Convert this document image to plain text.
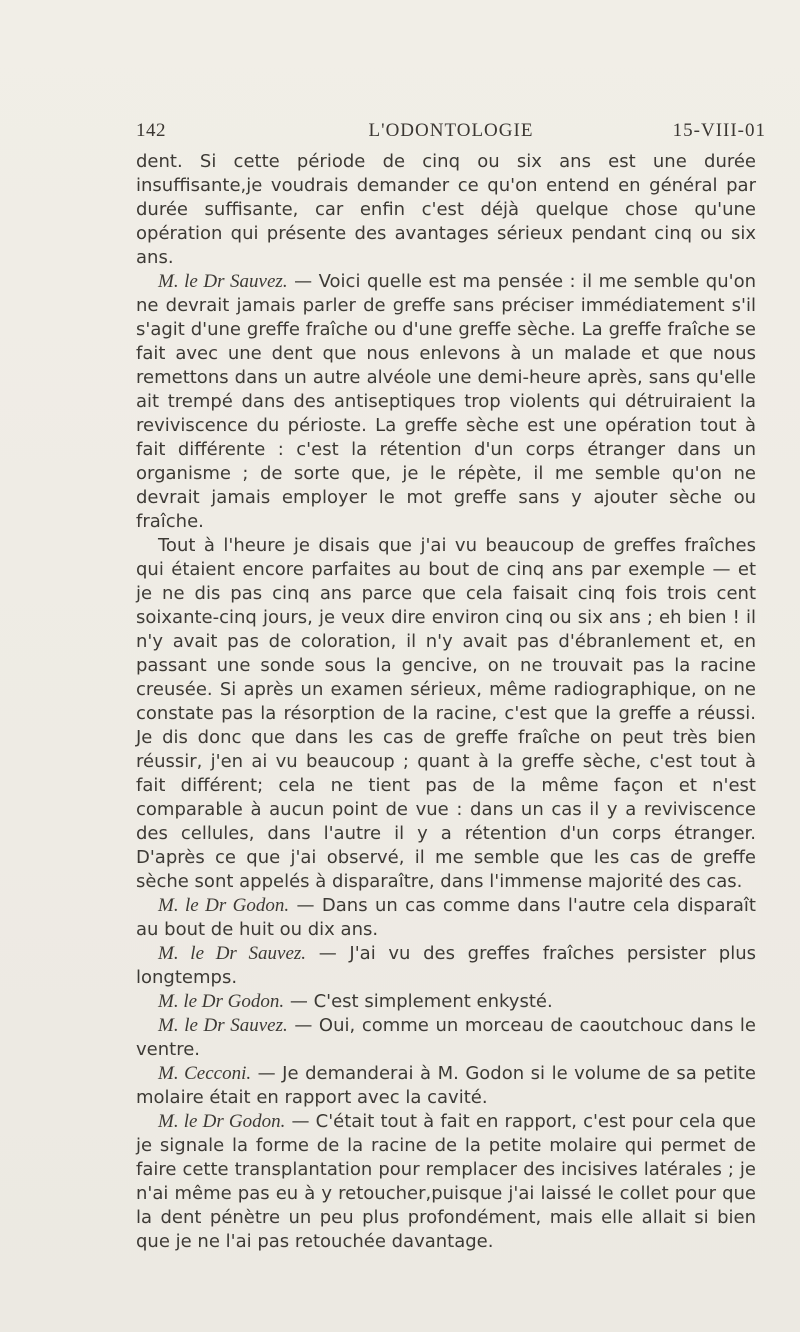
142	L'ODONTOLOGIE	15-VIII-01

dent. Si cette période de cinq ou six ans est une durée insuffisante,je voudrais demander ce qu'on entend en général par durée suffisante, car enfin c'est déjà quelque chose qu'une opération qui présente des avantages sérieux pendant cinq ou six ans.

M. le Dr Sauvez. — Voici quelle est ma pensée : il me semble qu'on ne devrait jamais parler de greffe sans préciser immédiatement s'il s'agit d'une greffe fraîche ou d'une greffe sèche. La greffe fraîche se fait avec une dent que nous enlevons à un malade et que nous remettons dans un autre alvéole une demi-heure après, sans qu'elle ait trempé dans des antiseptiques trop violents qui détruiraient la reviviscence du périoste. La greffe sèche est une opération tout à fait différente : c'est la rétention d'un corps étranger dans un organisme ; de sorte que, je le répète, il me semble qu'on ne devrait jamais employer le mot greffe sans y ajouter sèche ou fraîche.

Tout à l'heure je disais que j'ai vu beaucoup de greffes fraîches qui étaient encore parfaites au bout de cinq ans par exemple — et je ne dis pas cinq ans parce que cela faisait cinq fois trois cent soixante-cinq jours, je veux dire environ cinq ou six ans ; eh bien ! il n'y avait pas de coloration, il n'y avait pas d'ébranlement et, en passant une sonde sous la gencive, on ne trouvait pas la racine creusée. Si après un examen sérieux, même radiographique, on ne constate pas la résorption de la racine, c'est que la greffe a réussi. Je dis donc que dans les cas de greffe fraîche on peut très bien réussir, j'en ai vu beaucoup ; quant à la greffe sèche, c'est tout à fait différent; cela ne tient pas de la même façon et n'est comparable à aucun point de vue : dans un cas il y a reviviscence des cellules, dans l'autre il y a rétention d'un corps étranger. D'après ce que j'ai observé, il me semble que les cas de greffe sèche sont appelés à disparaître, dans l'immense majorité des cas.

M. le Dr Godon. — Dans un cas comme dans l'autre cela disparaît au bout de huit ou dix ans.

M. le Dr Sauvez. — J'ai vu des greffes fraîches persister plus longtemps.

M. le Dr Godon. — C'est simplement enkysté.

M. le Dr Sauvez. — Oui, comme un morceau de caoutchouc dans le ventre.

M. Cecconi. — Je demanderai à M. Godon si le volume de sa petite molaire était en rapport avec la cavité.

M. le Dr Godon. — C'était tout à fait en rapport, c'est pour cela que je signale la forme de la racine de la petite molaire qui permet de faire cette transplantation pour remplacer des incisives latérales ; je n'ai même pas eu à y retoucher,puisque j'ai laissé le collet pour que la dent pénètre un peu plus profondément, mais elle allait si bien que je ne l'ai pas retouchée davantage.
